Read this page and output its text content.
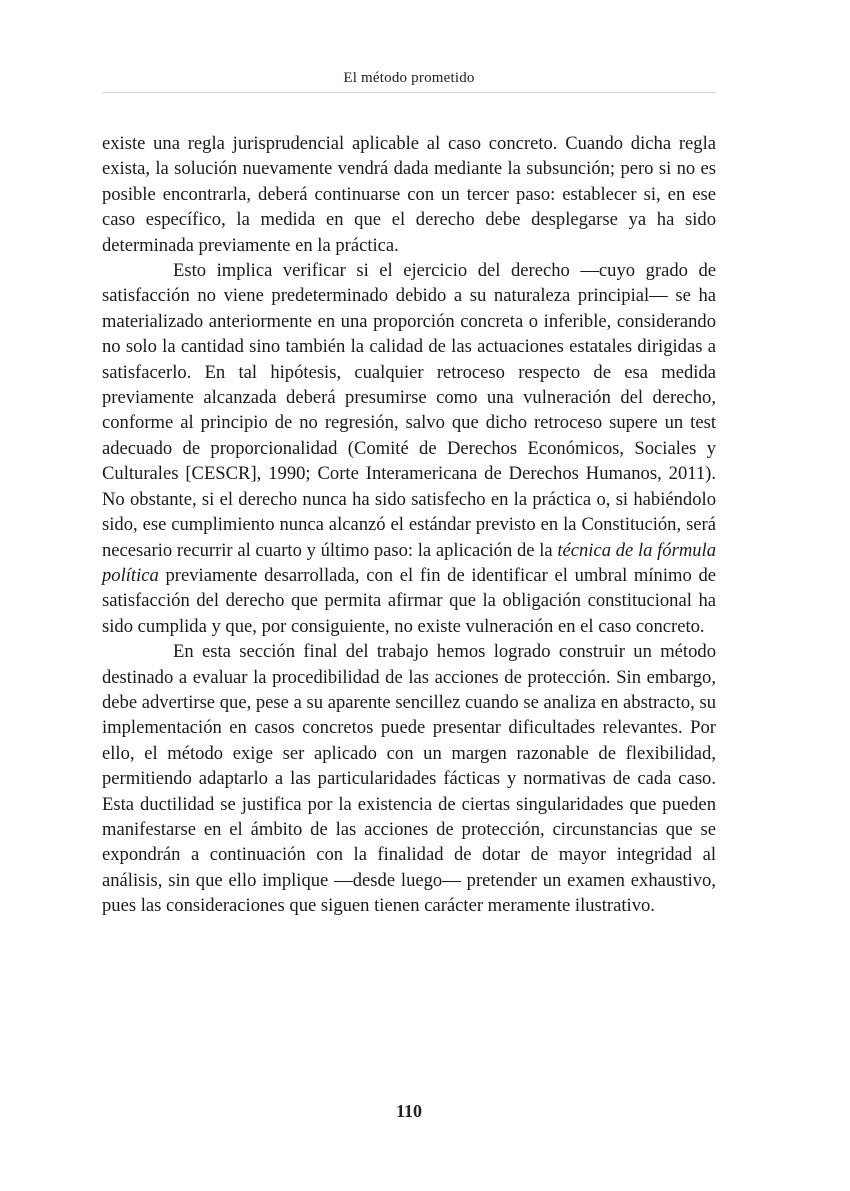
El método prometido

existe una regla jurisprudencial aplicable al caso concreto. Cuando dicha regla exista, la solución nuevamente vendrá dada mediante la subsunción; pero si no es posible encontrarla, deberá continuarse con un tercer paso: establecer si, en ese caso específico, la medida en que el derecho debe desplegarse ya ha sido determinada previamente en la práctica.

Esto implica verificar si el ejercicio del derecho —cuyo grado de satisfacción no viene predeterminado debido a su naturaleza principial— se ha materializado anteriormente en una proporción concreta o inferible, considerando no solo la cantidad sino también la calidad de las actuaciones estatales dirigidas a satisfacerlo. En tal hipótesis, cualquier retroceso respecto de esa medida previamente alcanzada deberá presumirse como una vulneración del derecho, conforme al principio de no regresión, salvo que dicho retroceso supere un test adecuado de proporcionalidad (Comité de Derechos Económicos, Sociales y Culturales [CESCR], 1990; Corte Interamericana de Derechos Humanos, 2011). No obstante, si el derecho nunca ha sido satisfecho en la práctica o, si habiéndolo sido, ese cumplimiento nunca alcanzó el estándar previsto en la Constitución, será necesario recurrir al cuarto y último paso: la aplicación de la técnica de la fórmula política previamente desarrollada, con el fin de identificar el umbral mínimo de satisfacción del derecho que permita afirmar que la obligación constitucional ha sido cumplida y que, por consiguiente, no existe vulneración en el caso concreto.

En esta sección final del trabajo hemos logrado construir un método destinado a evaluar la procedibilidad de las acciones de protección. Sin embargo, debe advertirse que, pese a su aparente sencillez cuando se analiza en abstracto, su implementación en casos concretos puede presentar dificultades relevantes. Por ello, el método exige ser aplicado con un margen razonable de flexibilidad, permitiendo adaptarlo a las particularidades fácticas y normativas de cada caso. Esta ductilidad se justifica por la existencia de ciertas singularidades que pueden manifestarse en el ámbito de las acciones de protección, circunstancias que se expondrán a continuación con la finalidad de dotar de mayor integridad al análisis, sin que ello implique —desde luego— pretender un examen exhaustivo, pues las consideraciones que siguen tienen carácter meramente ilustrativo.

110
